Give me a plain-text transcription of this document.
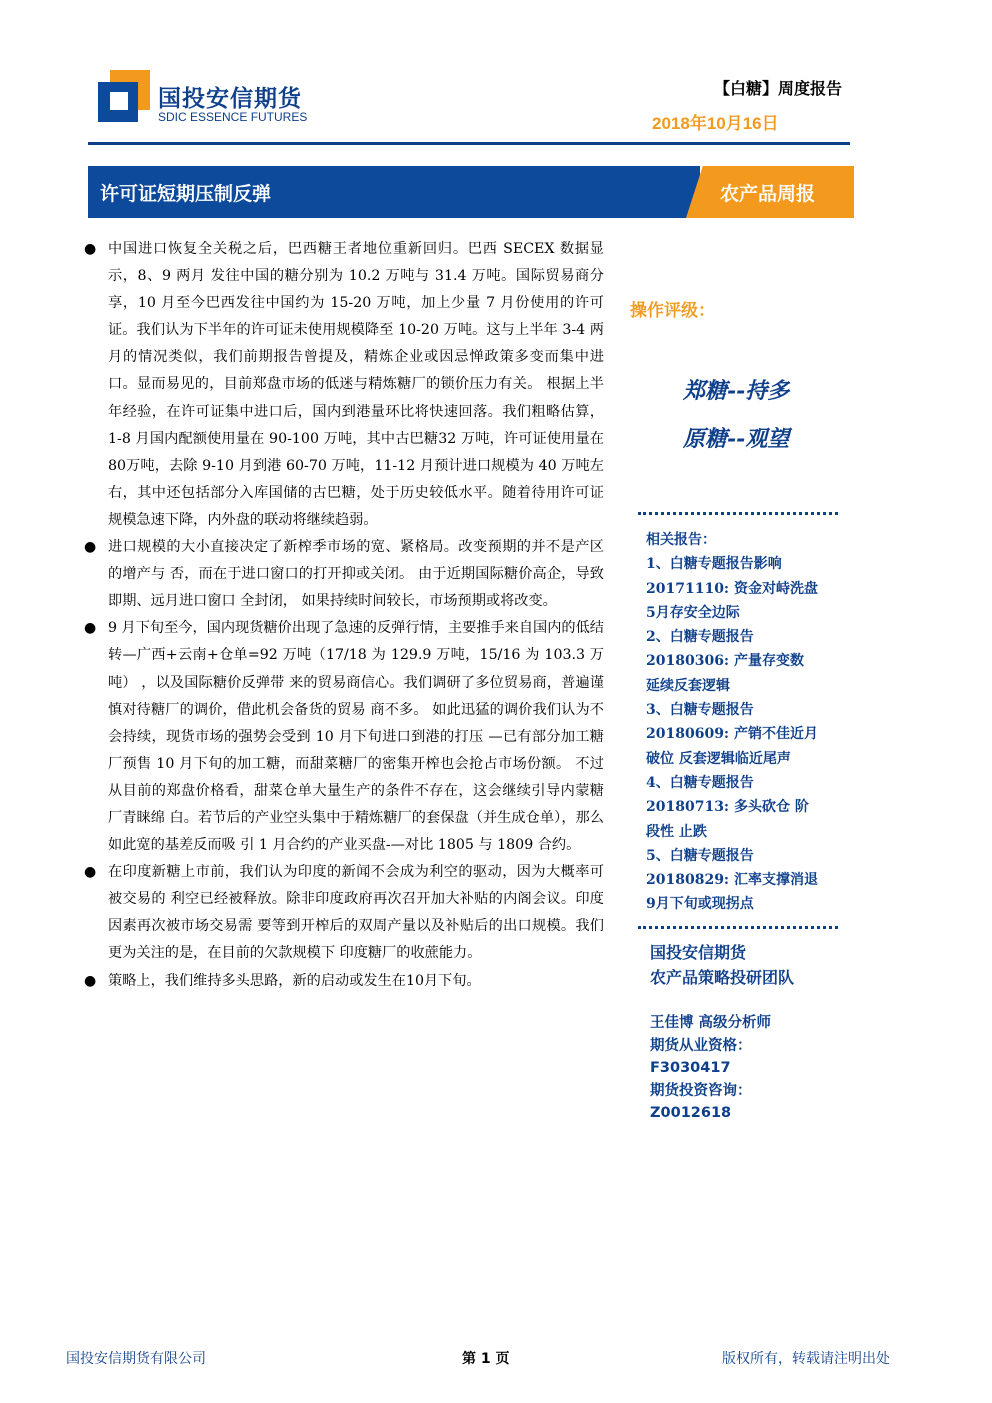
国投安信期货
SDIC ESSENCE FUTURES
【白糖】周度报告
2018年10月16日
许可证短期压制反弹	农产品周报

● 中国进口恢复全关税之后，巴西糖王者地位重新回归。巴西 SECEX 数据显示，8、9 两月 发往中国的糖分别为 10.2 万吨与 31.4 万吨。国际贸易商分享，10 月至今巴西发往中国约为 15-20 万吨，加上少量 7 月份使用的许可证。我们认为下半年的许可证未使用规模降至 10-20 万吨。这与上半年 3-4 两月的情况类似，我们前期报告曾提及，精炼企业或因忌惮政策多变而集中进口。显而易见的，目前郑盘市场的低迷与精炼糖厂的锁价压力有关。 根据上半年经验，在许可证集中进口后，国内到港量环比将快速回落。我们粗略估算， 1-8 月国内配额使用量在 90-100 万吨，其中古巴糖32 万吨，许可证使用量在 80万吨，去除 9-10 月到港 60-70 万吨，11-12 月预计进口规模为 40 万吨左右，其中还包括部分入库国储的古巴糖，处于历史较低水平。随着待用许可证规模急速下降，内外盘的联动将继续趋弱。

● 进口规模的大小直接决定了新榨季市场的宽、紧格局。改变预期的并不是产区的增产与 否，而在于进口窗口的打开抑或关闭。 由于近期国际糖价高企，导致即期、远月进口窗口 全封闭， 如果持续时间较长，市场预期或将改变。

● 9 月下旬至今，国内现货糖价出现了急速的反弹行情，主要推手来自国内的低结转—广西+云南+仓单=92 万吨（17/18 为 129.9 万吨，15/16 为 103.3 万吨） ，以及国际糖价反弹带 来的贸易商信心。我们调研了多位贸易商，普遍谨慎对待糖厂的调价，借此机会备货的贸易 商不多。 如此迅猛的调价我们认为不会持续，现货市场的强势会受到 10 月下旬进口到港的打压 —已有部分加工糖厂预售 10 月下旬的加工糖，而甜菜糖厂的密集开榨也会抢占市场份额。 不过从目前的郑盘价格看，甜菜仓单大量生产的条件不存在，这会继续引导内蒙糖厂青睐绵 白。若节后的产业空头集中于精炼糖厂的套保盘（并生成仓单），那么如此宽的基差反而吸 引 1 月合约的产业买盘-—对比 1805 与 1809 合约。

● 在印度新糖上市前，我们认为印度的新闻不会成为利空的驱动，因为大概率可被交易的 利空已经被释放。除非印度政府再次召开加大补贴的内阁会议。印度因素再次被市场交易需 要等到开榨后的双周产量以及补贴后的出口规模。我们更为关注的是，在目前的欠款规模下 印度糖厂的收蔗能力。

● 策略上，我们维持多头思路，新的启动或发生在10月下旬。

操作评级：
郑糖--持多
原糖--观望
相关报告：
1、白糖专题报告影响
20171110: 资金对峙洗盘
5月存安全边际
2、白糖专题报告
20180306: 产量存变数
延续反套逻辑
3、白糖专题报告
20180609: 产销不佳近月
破位 反套逻辑临近尾声
4、白糖专题报告
20180713: 多头砍仓 阶
段性 止跌
5、白糖专题报告
20180829: 汇率支撑消退
9月下旬或现拐点
国投安信期货
农产品策略投研团队
王佳博 高级分析师
期货从业资格：
F3030417
期货投资咨询：
Z0012618
国投安信期货有限公司	第 1 页	版权所有，转载请注明出处
